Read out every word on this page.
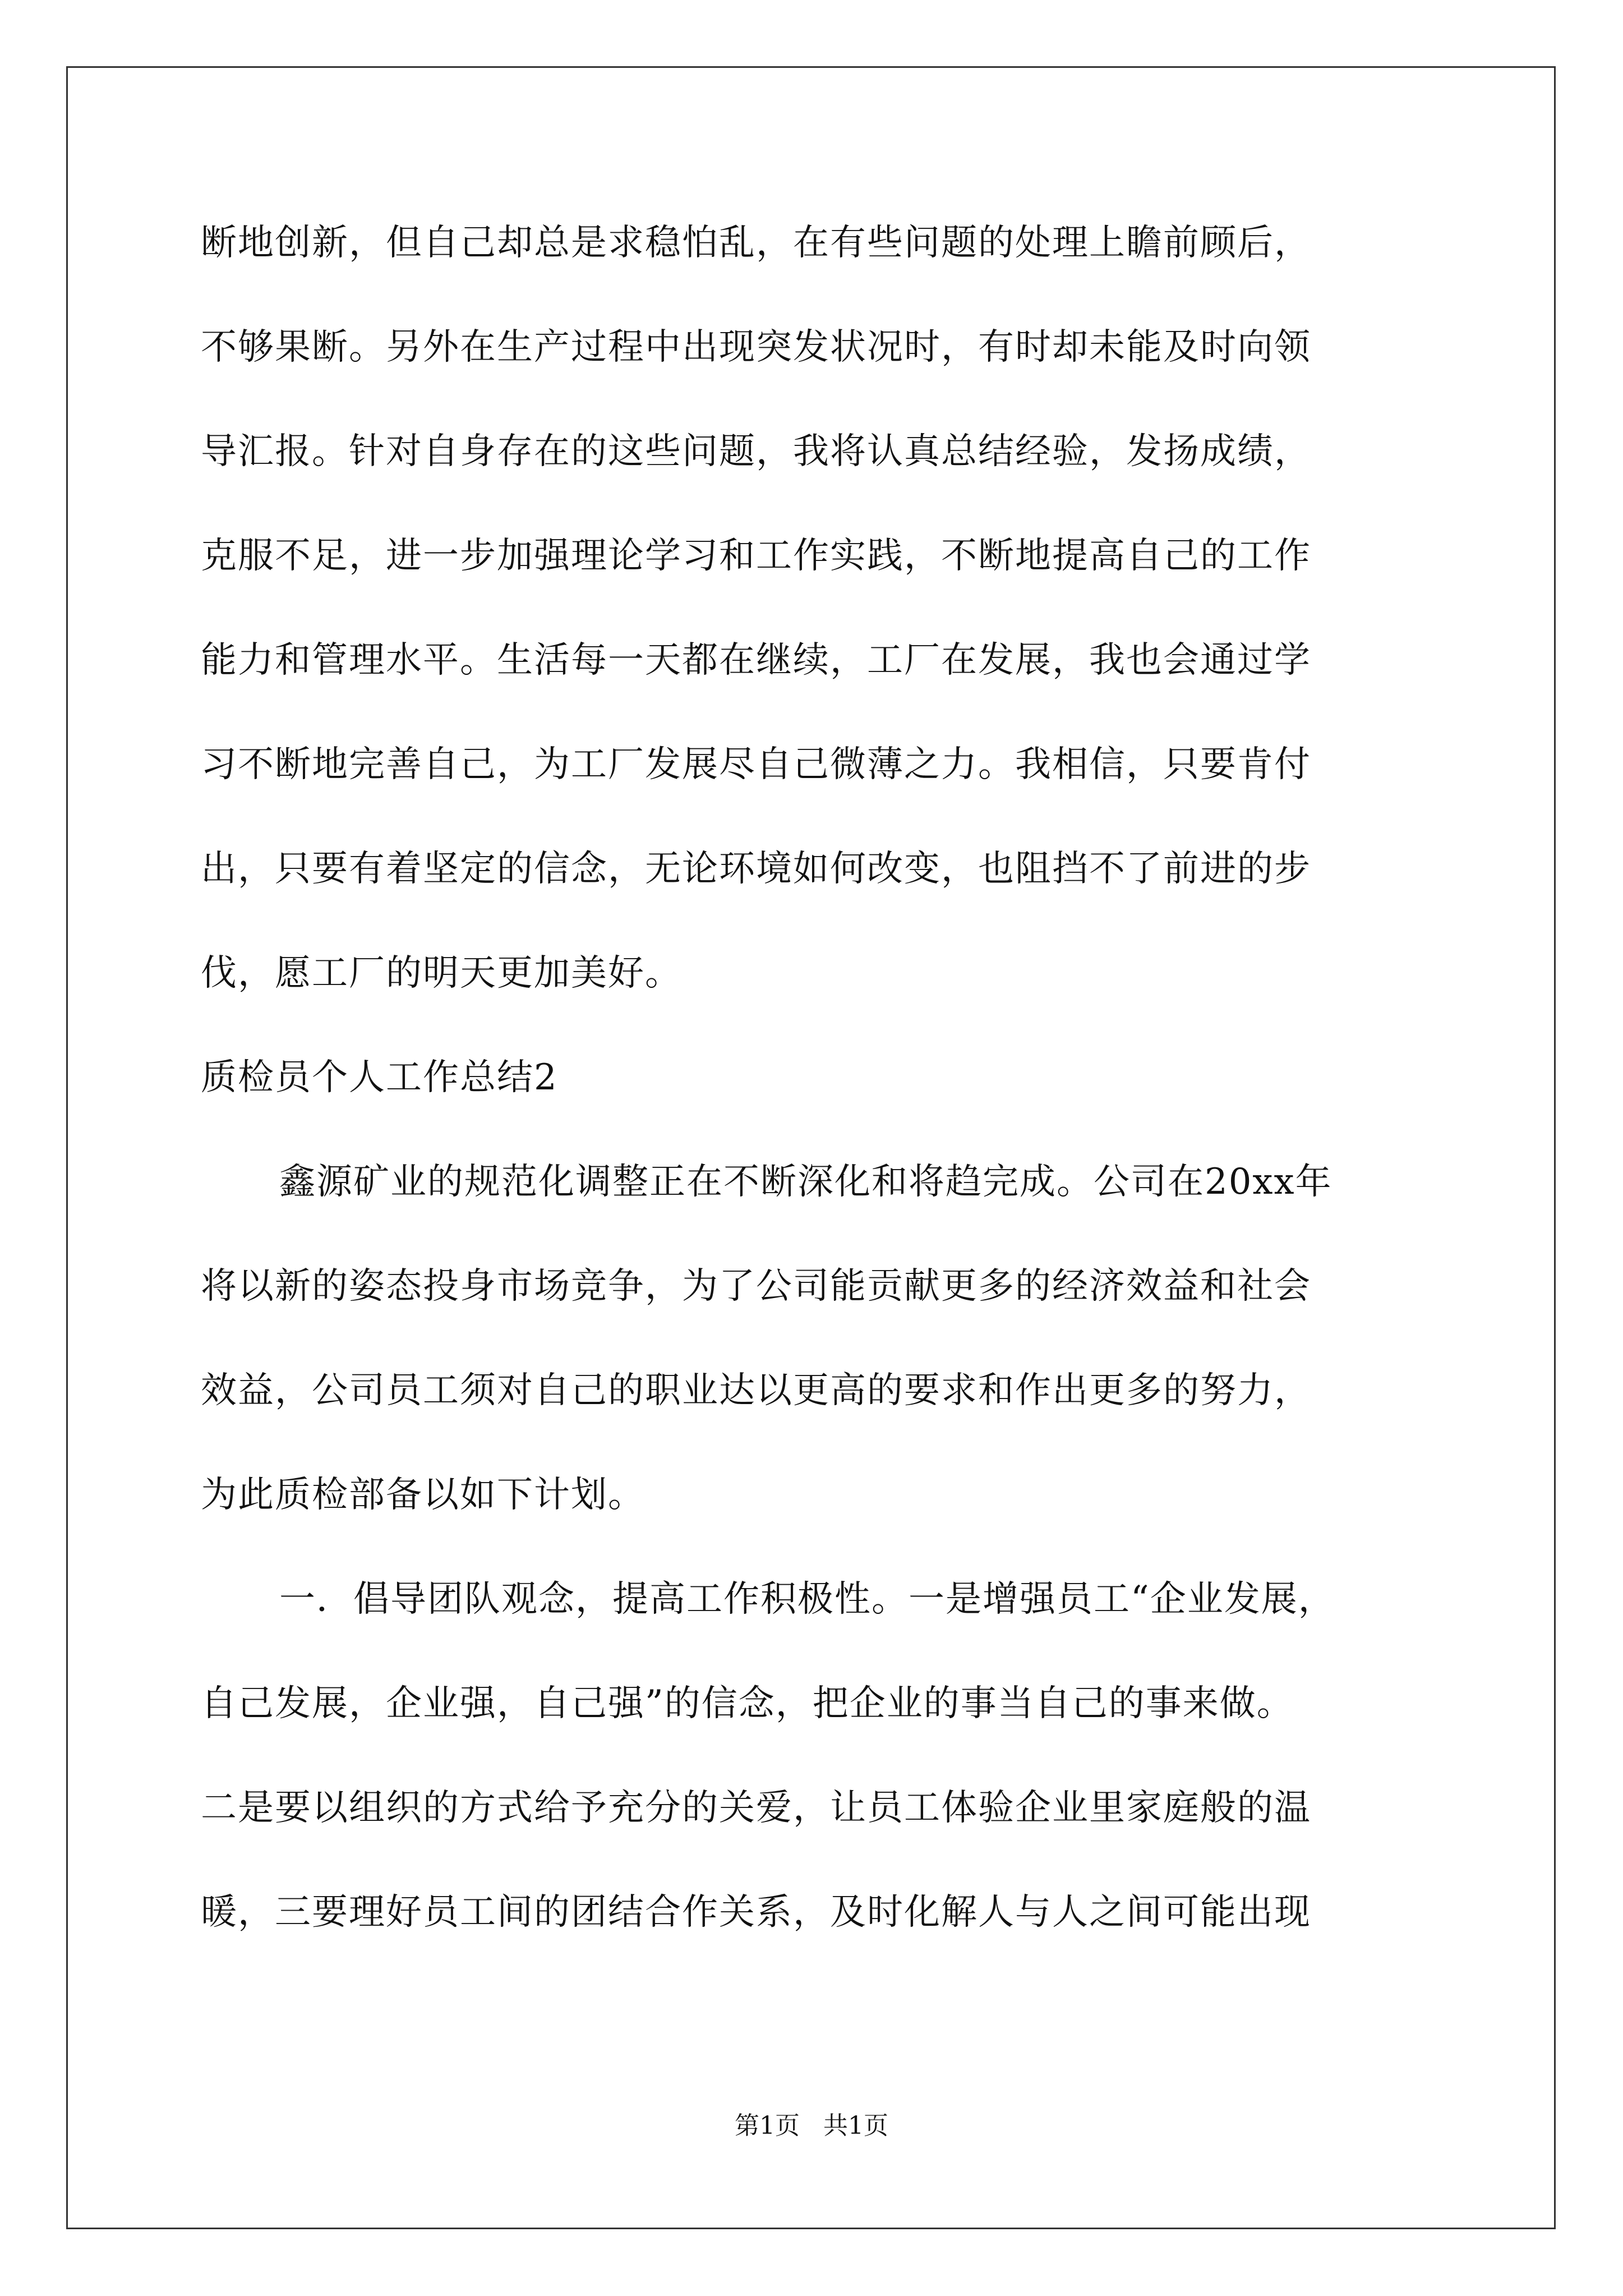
断地创新，但自己却总是求稳怕乱，在有些问题的处理上瞻前顾后，
不够果断。另外在生产过程中出现突发状况时，有时却未能及时向领
导汇报。针对自身存在的这些问题，我将认真总结经验，发扬成绩，
克服不足，进一步加强理论学习和工作实践，不断地提高自己的工作
能力和管理水平。生活每一天都在继续，工厂在发展，我也会通过学
习不断地完善自己，为工厂发展尽自己微薄之力。我相信，只要肯付
出，只要有着坚定的信念，无论环境如何改变，也阻挡不了前进的步
伐，愿工厂的明天更加美好。
质检员个人工作总结2
鑫源矿业的规范化调整正在不断深化和将趋完成。公司在20xx年
将以新的姿态投身市场竞争，为了公司能贡献更多的经济效益和社会
效益，公司员工须对自己的职业达以更高的要求和作出更多的努力，
为此质检部备以如下计划。
一．倡导团队观念，提高工作积极性。一是增强员工“企业发展，
自己发展，企业强，自己强”的信念，把企业的事当自己的事来做。
二是要以组织的方式给予充分的关爱，让员工体验企业里家庭般的温
暖，三要理好员工间的团结合作关系，及时化解人与人之间可能出现
第1页   共1页
